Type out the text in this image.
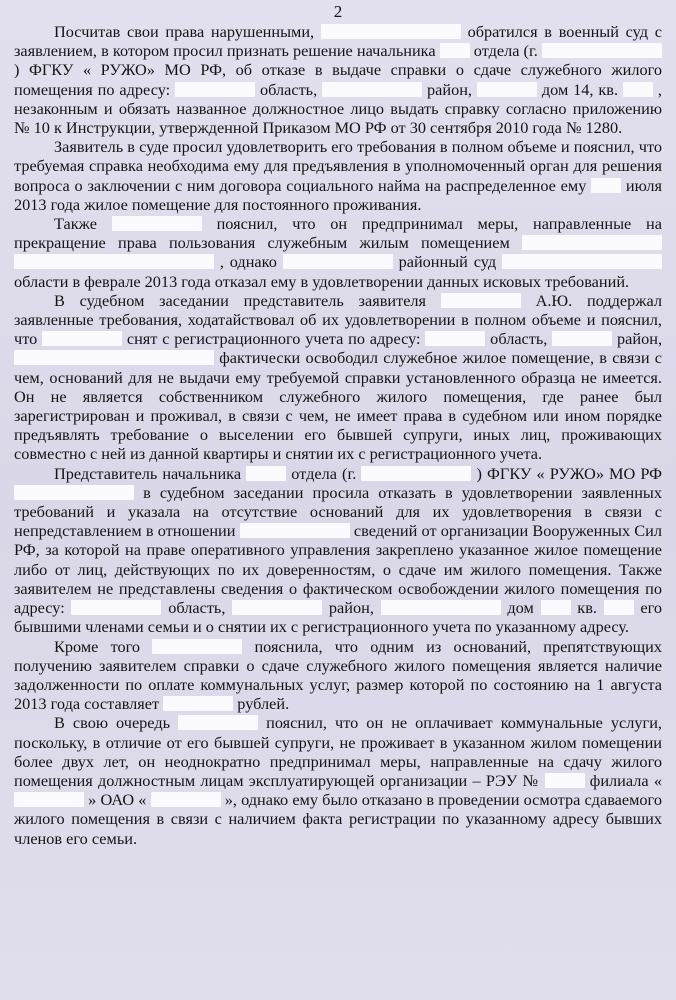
2

Посчитав свои права нарушенными,	обратился в военный суд с заявлением, в котором просил признать решение начальника отдела (г.  ) ФГКУ « РУЖО» МО РФ, об отказе в выдаче справки о сдаче служебного жилого помещения по адресу:	область,	район,	дом 14, кв. , незаконным и обязать названное должностное лицо выдать справку согласно приложению № 10 к Инструкции, утвержденной Приказом МО РФ от 30 сентября 2010 года № 1280.

Заявитель в суде просил удовлетворить его требования в полном объеме и пояснил, что требуемая справка необходима ему для предъявления в уполномоченный орган для решения вопроса о заключении с ним договора социального найма на распределенное ему июля 2013 года жилое помещение для постоянного проживания.

Также	пояснил, что он предпринимал меры, направленные на прекращение права пользования служебным жилым помещением   , однако	районный суд  области в феврале 2013 года отказал ему в удовлетворении данных исковых требований.

В судебном заседании представитель заявителя	А.Ю. поддержал заявленные требования, ходатайствовал об их удовлетворении в полном объеме и пояснил, что	снят с регистрационного учета по адресу:	область,	район,  фактически освободил служебное жилое помещение, в связи с чем, оснований для не выдачи ему требуемой справки установленного образца не имеется. Он не является собственником служебного жилого помещения, где ранее был зарегистрирован и проживал, в связи с чем, не имеет права в судебном или ином порядке предъявлять требование о выселении его бывшей супруги, иных лиц, проживающих совместно с ней из данной квартиры и снятии их с регистрационного учета.

Представитель начальника	отдела (г.	) ФГКУ « РУЖО» МО РФ  в судебном заседании просила отказать в удовлетворении заявленных требований и указала на отсутствие оснований для их удовлетворения в связи с непредставлением в отношении	сведений от организации Вооруженных Сил РФ, за которой на праве оперативного управления закреплено указанное жилое помещение либо от лиц, действующих по их доверенностям, о сдаче им жилого помещения. Также заявителем не представлены сведения о фактическом освобождении жилого помещения по адресу:	область,	район,	дом	кв.	его бывшими членами семьи и о снятии их с регистрационного учета по указанному адресу.

Кроме того	пояснила, что одним из оснований, препятствующих получению заявителем справки о сдаче служебного жилого помещения является наличие задолженности по оплате коммунальных услуг, размер которой по состоянию на 1 августа 2013 года составляет	рублей.

В свою очередь	пояснил, что он не оплачивает коммунальные услуги, поскольку, в отличие от его бывшей супруги, не проживает в указанном жилом помещении более двух лет, он неоднократно предпринимал меры, направленные на сдачу жилого помещения должностным лицам эксплуатирующей организации – РЭУ №	филиала «  » ОАО «	», однако ему было отказано в проведении осмотра сдаваемого жилого помещения в связи с наличием факта регистрации по указанному адресу бывших членов его семьи.
